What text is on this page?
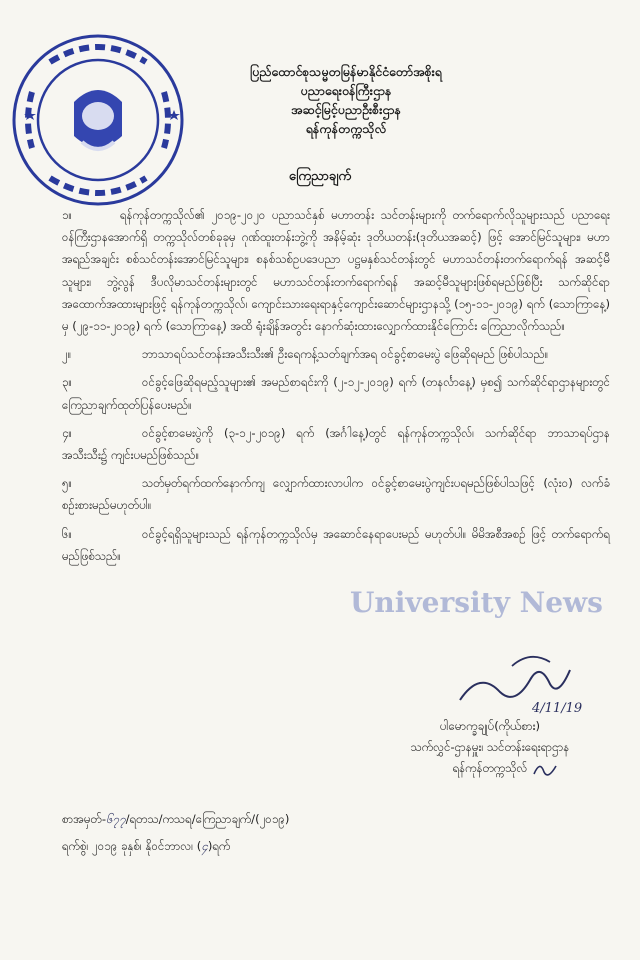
ပြည်ထောင်စုသမ္မတမြန်မာနိုင်ငံတော်အစိုးရ
ပညာရေးဝန်ကြီးဌာန
အဆင့်မြင့်ပညာဦးစီးဌာန
ရန်ကုန်တက္ကသိုလ်
ကြေညာချက်

၁။	ရန်ကုန်တက္ကသိုလ်၏ ၂၀၁၉-၂၀၂၀ ပညာသင်နှစ် မဟာတန်း သင်တန်းများကို တက်ရောက်လိုသူများသည် ပညာရေးဝန်ကြီးဌာနအောက်ရှိ တက္ကသိုလ်တစ်ခုခုမှ ဂုဏ်ထူးတန်းဘွဲ့ကို အနိမ့်ဆုံး ဒုတိယတန်း(ဒုတိယအဆင့်) ဖြင့် အောင်မြင်သူများ၊ မဟာအရည်အချင်း စစ်သင်တန်းအောင်မြင်သူများ၊ စနစ်သစ်ဥပဒေပညာ ပဋ္ဌမနှစ်သင်တန်းတွင် မဟာသင်တန်းတက်ရောက်ရန် အဆင့်မီသူများ၊ ဘွဲ့လွန် ဒီပလိုမာသင်တန်းများတွင် မဟာသင်တန်းတက်ရောက်ရန် အဆင့်မီသူများဖြစ်ရမည်ဖြစ်ပြီး သက်ဆိုင်ရာ အထောက်အထားများဖြင့် ရန်ကုန်တက္ကသိုလ်၊ ကျောင်းသားရေးရာနှင့်ကျောင်းဆောင်များဌာနသို့ (၁၅-၁၁-၂၀၁၉) ရက် (သောကြာနေ့) မှ (၂၉-၁၁-၂၀၁၉) ရက် (သောကြာနေ့) အထိ ရုံးချိန်အတွင်း နောက်ဆုံးထားလျှောက်ထားနိုင်ကြောင်း ကြေညာလိုက်သည်။

၂။	ဘာသာရပ်သင်တန်းအသီးသီး၏ ဦးရေကန့်သတ်ချက်အရ ဝင်ခွင့်စာမေးပွဲ ဖြေဆိုရမည် ဖြစ်ပါသည်။

၃။	ဝင်ခွင့်ဖြေဆိုရမည့်သူများ၏ အမည်စာရင်းကို (၂-၁၂-၂၀၁၉) ရက် (တနင်္လာနေ့) မှစ၍ သက်ဆိုင်ရာဌာနများတွင် ကြေညာချက်ထုတ်ပြန်ပေးမည်။

၄။	ဝင်ခွင့်စာမေးပွဲကို (၃-၁၂-၂၀၁၉) ရက် (အင်္ဂါနေ့)တွင် ရန်ကုန်တက္ကသိုလ်၊ သက်ဆိုင်ရာ ဘာသာရပ်ဌာနအသီးသီး၌ ကျင်းပမည်ဖြစ်သည်။

၅။	သတ်မှတ်ရက်ထက်နောက်ကျ လျှောက်ထားလာပါက ဝင်ခွင့်စာမေးပွဲကျင်းပရမည်ဖြစ်ပါသဖြင့် (လုံး၀) လက်ခံစဉ်းစားမည်မဟုတ်ပါ။

၆။	ဝင်ခွင့်ရရှိသူများသည် ရန်ကုန်တက္ကသိုလ်မှ အဆောင်နေရာပေးမည် မဟုတ်ပါ။ မိမိအစီအစဉ် ဖြင့် တက်ရောက်ရမည်ဖြစ်သည်။

University News
4/11/19
ပါမောက္ခချုပ်(ကိုယ်စား)
သက်လွှင်-ဌာနမှူး၊ သင်တန်းရေးရာဌာန
ရန်ကုန်တက္ကသိုလ်
စာအမှတ်-၆၇၇/ရတသ/ကသရ/ကြေညာချက်/(၂၀၁၉)
ရက်စွဲ၊ ၂၀၁၉ ခုနှစ်၊ နိုဝင်ဘာလ၊ (၄)ရက်
